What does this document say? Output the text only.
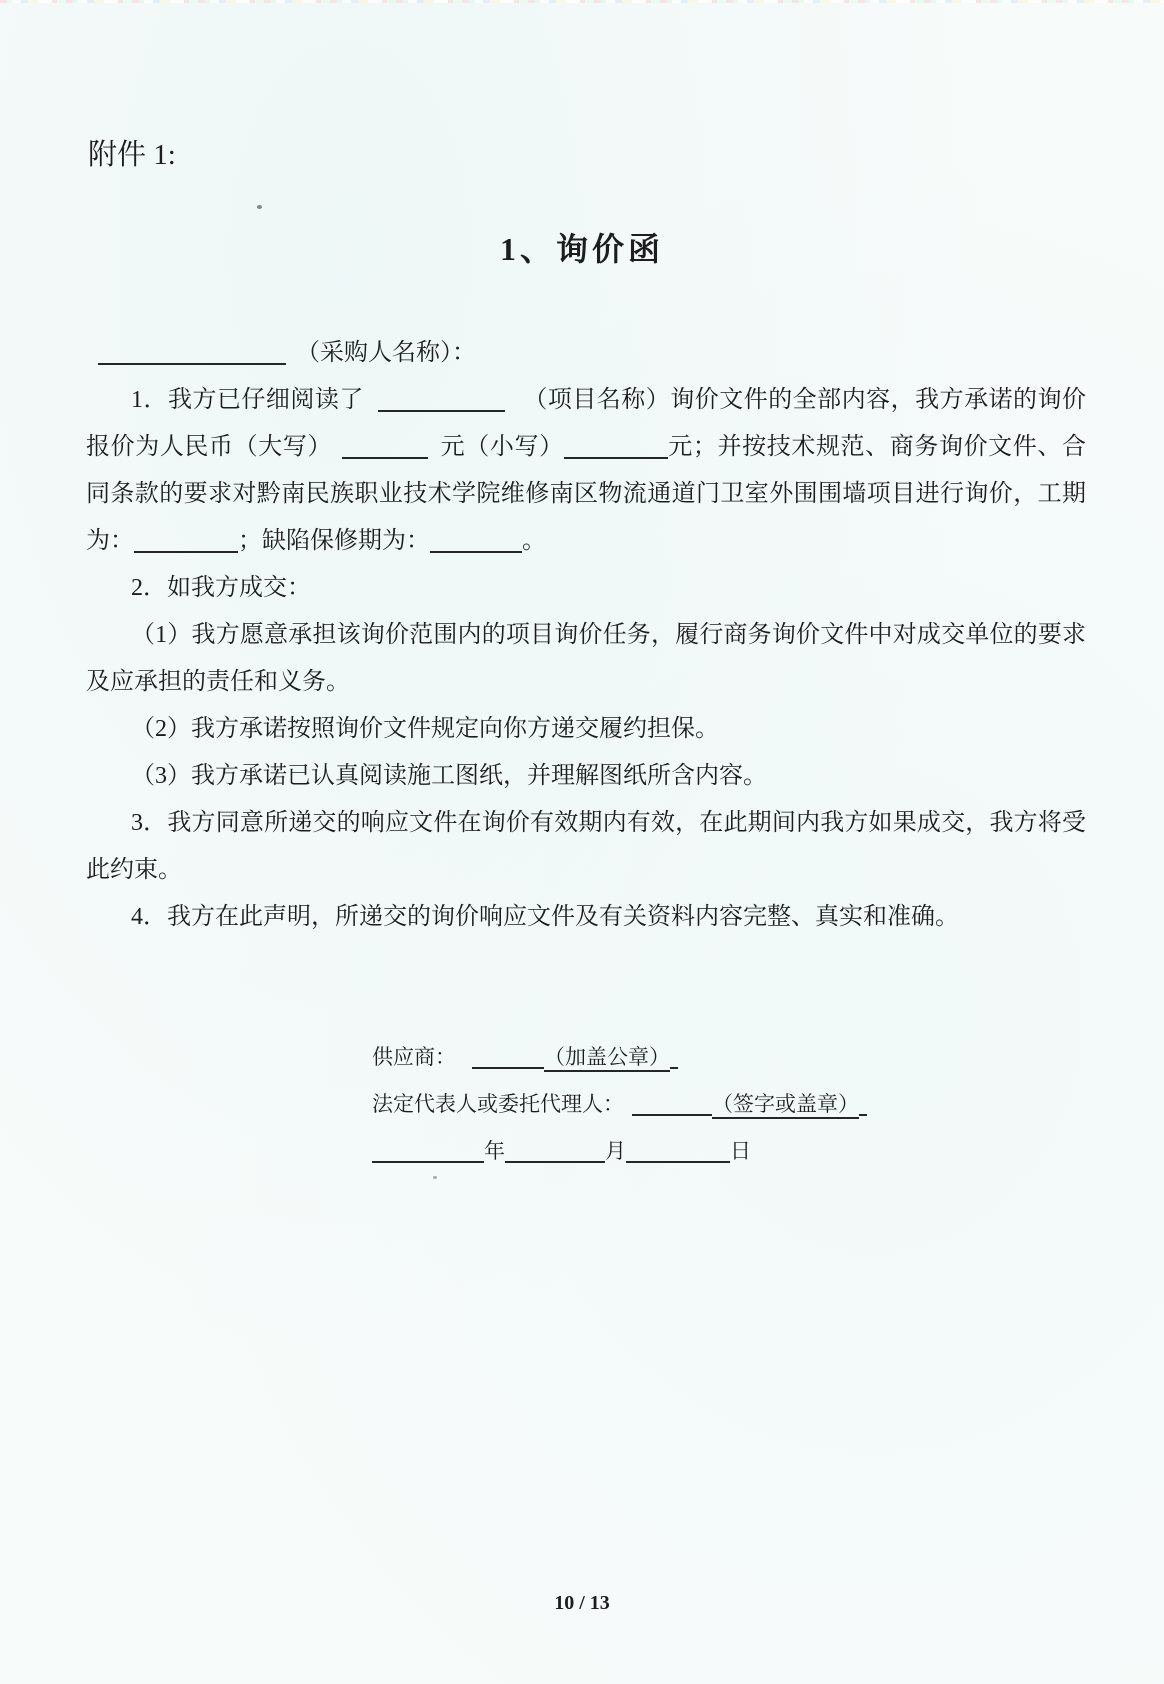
附件 1:
1、询价函

（采购人名称）：

1．我方已仔细阅读了	（项目名称）询价文件的全部内容，我方承诺的询价报价为人民币（大写）	元（小写）	元；并按技术规范、商务询价文件、合同条款的要求对黔南民族职业技术学院维修南区物流通道门卫室外围围墙项目进行询价，工期为：	；缺陷保修期为：	。

2．如我方成交：

（1）我方愿意承担该询价范围内的项目询价任务，履行商务询价文件中对成交单位的要求及应承担的责任和义务。

（2）我方承诺按照询价文件规定向你方递交履约担保。

（3）我方承诺已认真阅读施工图纸，并理解图纸所含内容。

3．我方同意所递交的响应文件在询价有效期内有效，在此期间内我方如果成交，我方将受此约束。

4．我方在此声明，所递交的询价响应文件及有关资料内容完整、真实和准确。

供应商：	（加盖公章）

法定代表人或委托代理人：	（签字或盖章）

年	月	日

10 / 13
